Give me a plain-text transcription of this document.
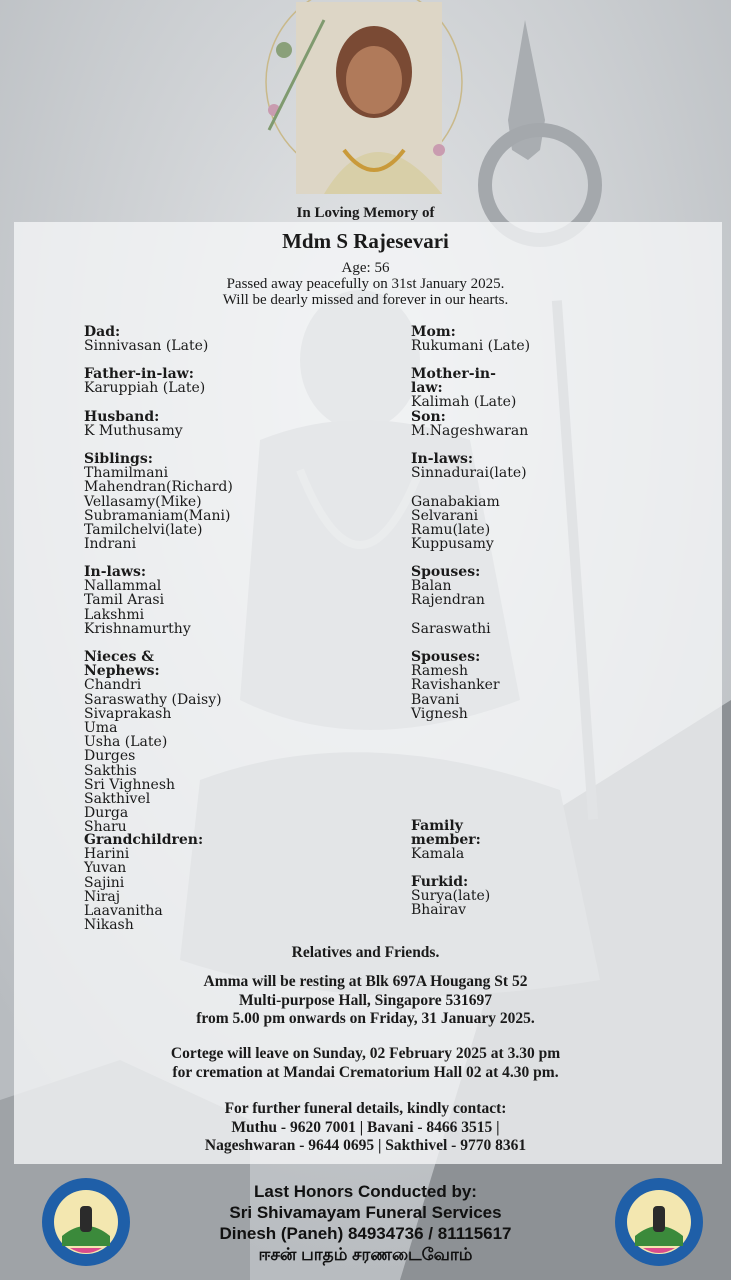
In Loving Memory of
Mdm S Rajesevari
Age: 56
Passed away peacefully on 31st January 2025.
Will be dearly missed and forever in our hearts.
Dad:
Sinnivasan (Late)
Father-in-law:
Karuppiah (Late)
Husband:
K Muthusamy
Siblings:
Thamilmani
Mahendran(Richard)
Vellasamy(Mike)
Subramaniam(Mani)
Tamilchelvi(late)
Indrani
In-laws:
Nallammal
Tamil Arasi
Lakshmi
Krishnamurthy
Nieces & Nephews:
Chandri
Saraswathy (Daisy)
Sivaprakash
Uma
Usha (Late)
Durges
Sakthis
Sri Vighnesh
Sakthivel
Durga
Sharu
Grandchildren:
Harini
Yuvan
Sajini
Niraj
Laavanitha
Nikash
Mom:
Rukumani (Late)
Mother-in-law:
Kalimah (Late)
Son:
M.Nageshwaran
In-laws:
Sinnadurai(late)

Ganabakiam
Selvarani
Ramu(late)
Kuppusamy
Spouses:
Balan
Rajendran

Saraswathi
Spouses:
Ramesh
Ravishanker
Bavani
Vignesh
Family member:
Kamala
Furkid:
Surya(late)
Bhairav
Relatives and Friends.
Amma will be resting at Blk 697A Hougang St 52
Multi-purpose Hall, Singapore 531697
from 5.00 pm onwards on Friday, 31 January 2025.
Cortege will leave on Sunday, 02 February 2025 at 3.30 pm
for cremation at Mandai Crematorium Hall 02 at 4.30 pm.
For further funeral details, kindly contact:
Muthu - 9620 7001 | Bavani - 8466 3515 |
Nageshwaran - 9644 0695 | Sakthivel - 9770 8361
Last Honors Conducted by:
Sri Shivamayam Funeral Services
Dinesh (Paneh) 84934736 / 81115617
ஈசன் பாதம் சரணடைவோம்
